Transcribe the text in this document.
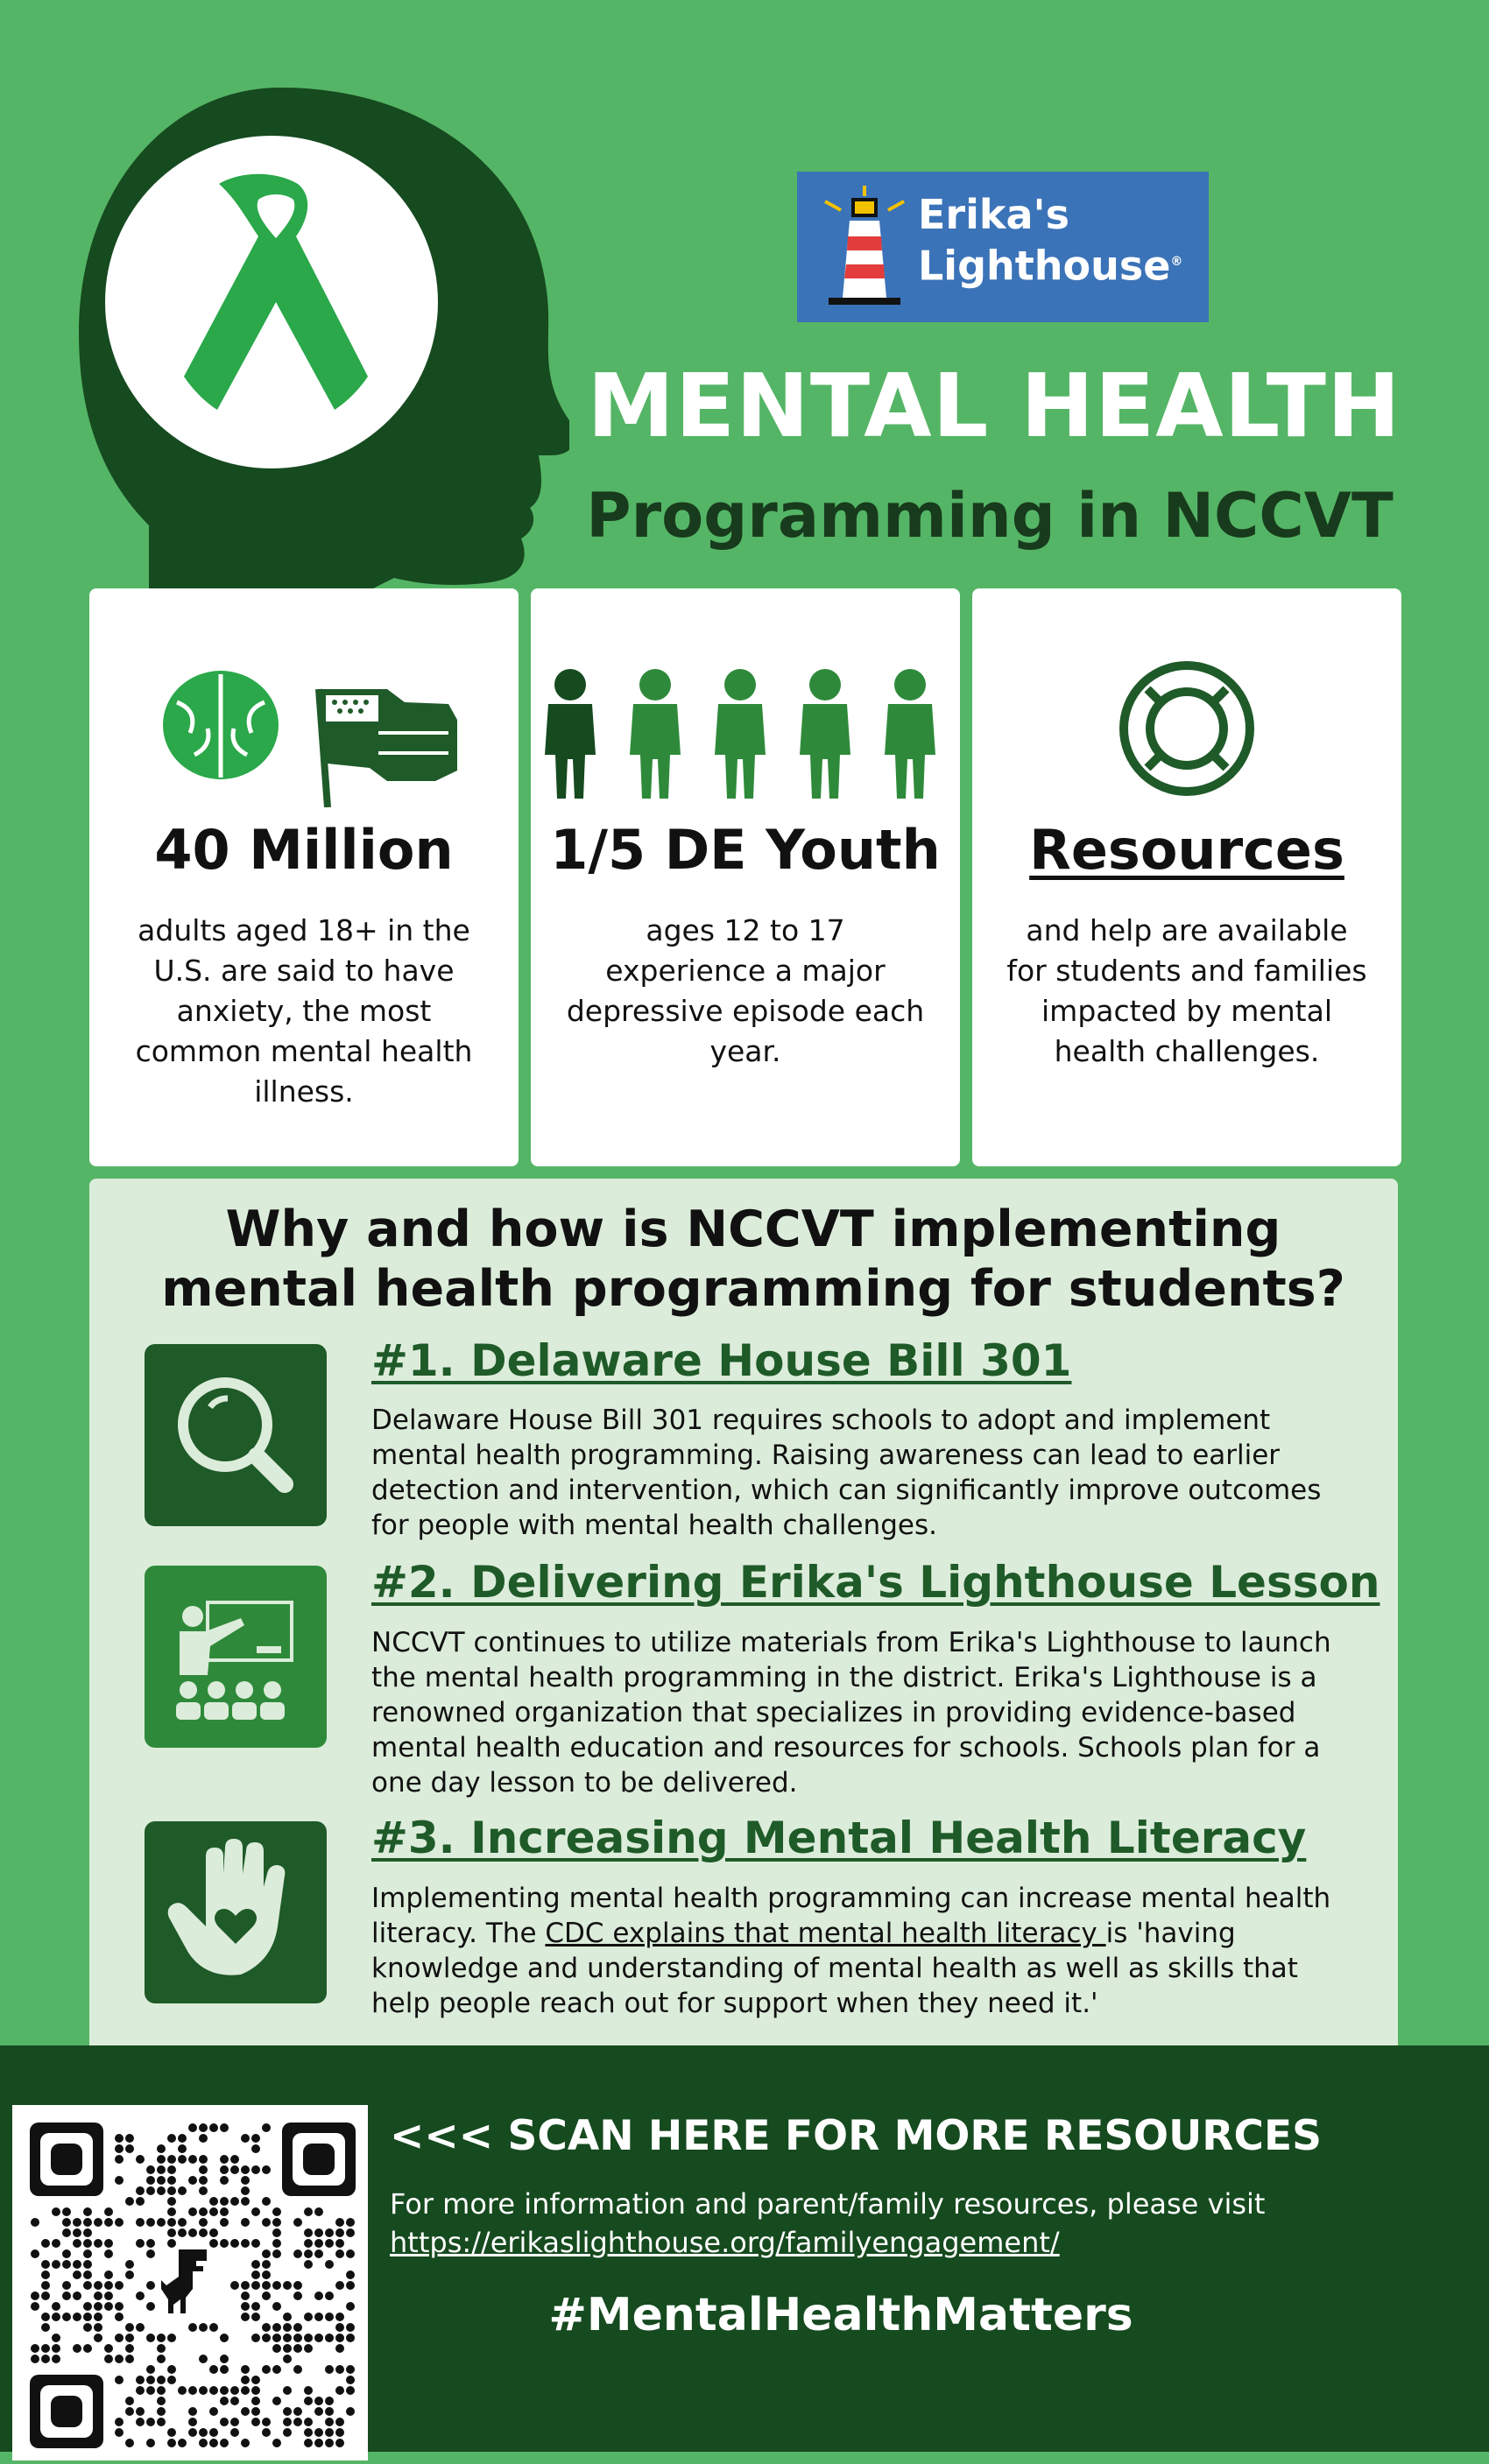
Erika's
Lighthouse®
MENTAL HEALTH
Programming in NCCVT
40 Million
adults aged 18+ in the U.S. are said to have anxiety, the most common mental health illness.
1/5 DE Youth
ages 12 to 17 experience a major depressive episode each year.
Resources
and help are available for students and families impacted by mental health challenges.
Why and how is NCCVT implementing mental health programming for students?
#1. Delaware House Bill 301
Delaware House Bill 301 requires schools to adopt and implement mental health programming. Raising awareness can lead to earlier detection and intervention, which can significantly improve outcomes for people with mental health challenges.
#2. Delivering Erika's Lighthouse Lesson
NCCVT continues to utilize materials from Erika's Lighthouse to launch the mental health programming in the district. Erika's Lighthouse is a renowned organization that specializes in providing evidence-based mental health education and resources for schools. Schools plan for a one day lesson to be delivered.
#3. Increasing Mental Health Literacy
Implementing mental health programming can increase mental health literacy. The CDC explains that mental health literacy is 'having knowledge and understanding of mental health as well as skills that help people reach out for support when they need it.'
<<< SCAN HERE FOR MORE RESOURCES
For more information and parent/family resources, please visit
https://erikaslighthouse.org/familyengagement/
#MentalHealthMatters
